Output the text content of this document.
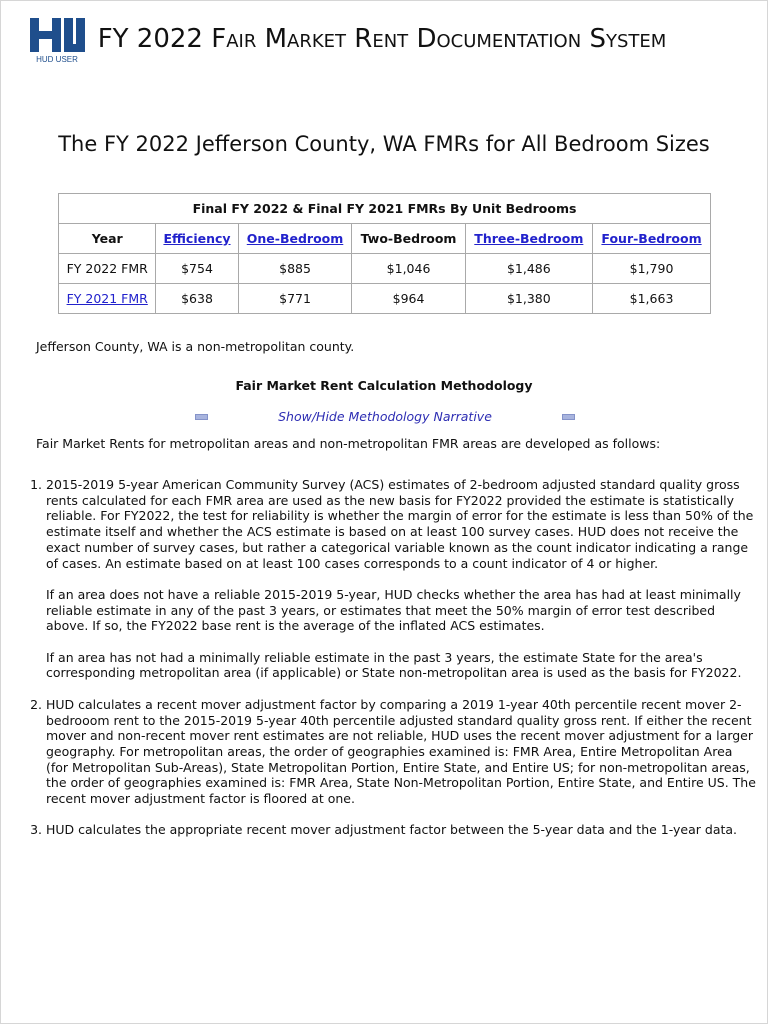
HUD USER
FY 2022 Fair Market Rent Documentation System
The FY 2022 Jefferson County, WA FMRs for All Bedroom Sizes
Final FY 2022 & Final FY 2021 FMRs By Unit Bedrooms					
Year	Efficiency	One-Bedroom	Two-Bedroom	Three-Bedroom	Four-Bedroom
FY 2022 FMR	$754	$885	$1,046	$1,486	$1,790
FY 2021 FMR	$638	$771	$964	$1,380	$1,663

Jefferson County, WA is a non-metropolitan county.

Fair Market Rent Calculation Methodology
Show/Hide Methodology Narrative

Fair Market Rents for metropolitan areas and non-metropolitan FMR areas are developed as follows:

1. 2015-2019 5-year American Community Survey (ACS) estimates of 2-bedroom adjusted standard quality gross rents calculated for each FMR area are used as the new basis for FY2022 provided the estimate is statistically reliable. For FY2022, the test for reliability is whether the margin of error for the estimate is less than 50% of the estimate itself and whether the ACS estimate is based on at least 100 survey cases. HUD does not receive the exact number of survey cases, but rather a categorical variable known as the count indicator indicating a range of cases. An estimate based on at least 100 cases corresponds to a count indicator of 4 or higher.

If an area does not have a reliable 2015-2019 5-year, HUD checks whether the area has had at least minimally reliable estimate in any of the past 3 years, or estimates that meet the 50% margin of error test described above. If so, the FY2022 base rent is the average of the inflated ACS estimates.

If an area has not had a minimally reliable estimate in the past 3 years, the estimate State for the area's corresponding metropolitan area (if applicable) or State non-metropolitan area is used as the basis for FY2022.

2. HUD calculates a recent mover adjustment factor by comparing a 2019 1-year 40th percentile recent mover 2-bedrooom rent to the 2015-2019 5-year 40th percentile adjusted standard quality gross rent. If either the recent mover and non-recent mover rent estimates are not reliable, HUD uses the recent mover adjustment for a larger geography. For metropolitan areas, the order of geographies examined is: FMR Area, Entire Metropolitan Area (for Metropolitan Sub-Areas), State Metropolitan Portion, Entire State, and Entire US; for non-metropolitan areas, the order of geographies examined is: FMR Area, State Non-Metropolitan Portion, Entire State, and Entire US. The recent mover adjustment factor is floored at one.

3. HUD calculates the appropriate recent mover adjustment factor between the 5-year data and the 1-year data.
